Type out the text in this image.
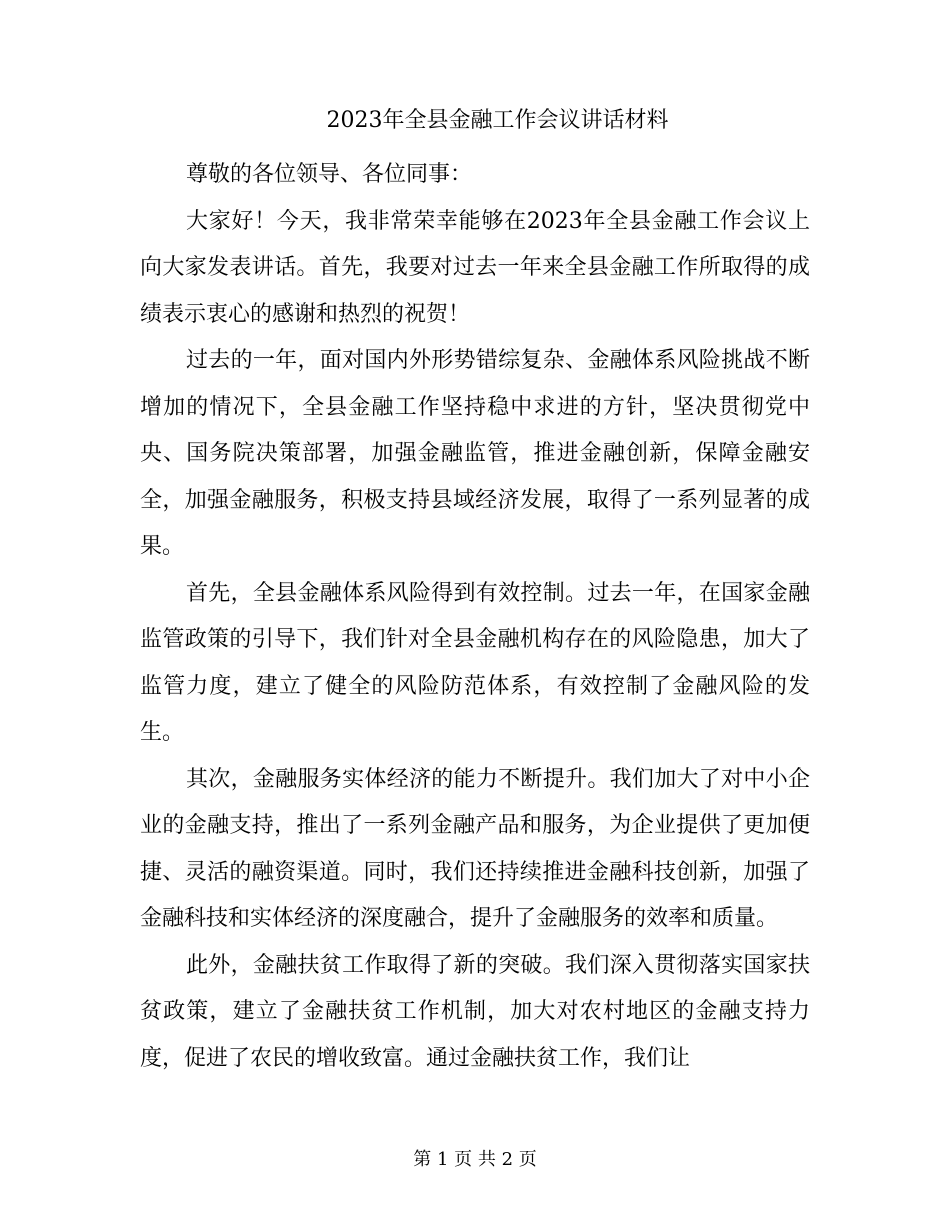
2023年全县金融工作会议讲话材料

尊敬的各位领导、各位同事：

大家好！今天，我非常荣幸能够在2023年全县金融工作会议上向大家发表讲话。首先，我要对过去一年来全县金融工作所取得的成绩表示衷心的感谢和热烈的祝贺！

过去的一年，面对国内外形势错综复杂、金融体系风险挑战不断增加的情况下，全县金融工作坚持稳中求进的方针，坚决贯彻党中央、国务院决策部署，加强金融监管，推进金融创新，保障金融安全，加强金融服务，积极支持县域经济发展，取得了一系列显著的成果。

首先，全县金融体系风险得到有效控制。过去一年，在国家金融监管政策的引导下，我们针对全县金融机构存在的风险隐患，加大了监管力度，建立了健全的风险防范体系，有效控制了金融风险的发生。

其次，金融服务实体经济的能力不断提升。我们加大了对中小企业的金融支持，推出了一系列金融产品和服务，为企业提供了更加便捷、灵活的融资渠道。同时，我们还持续推进金融科技创新，加强了金融科技和实体经济的深度融合，提升了金融服务的效率和质量。

此外，金融扶贫工作取得了新的突破。我们深入贯彻落实国家扶贫政策，建立了金融扶贫工作机制，加大对农村地区的金融支持力度，促进了农民的增收致富。通过金融扶贫工作，我们让

第 1 页 共 2 页
